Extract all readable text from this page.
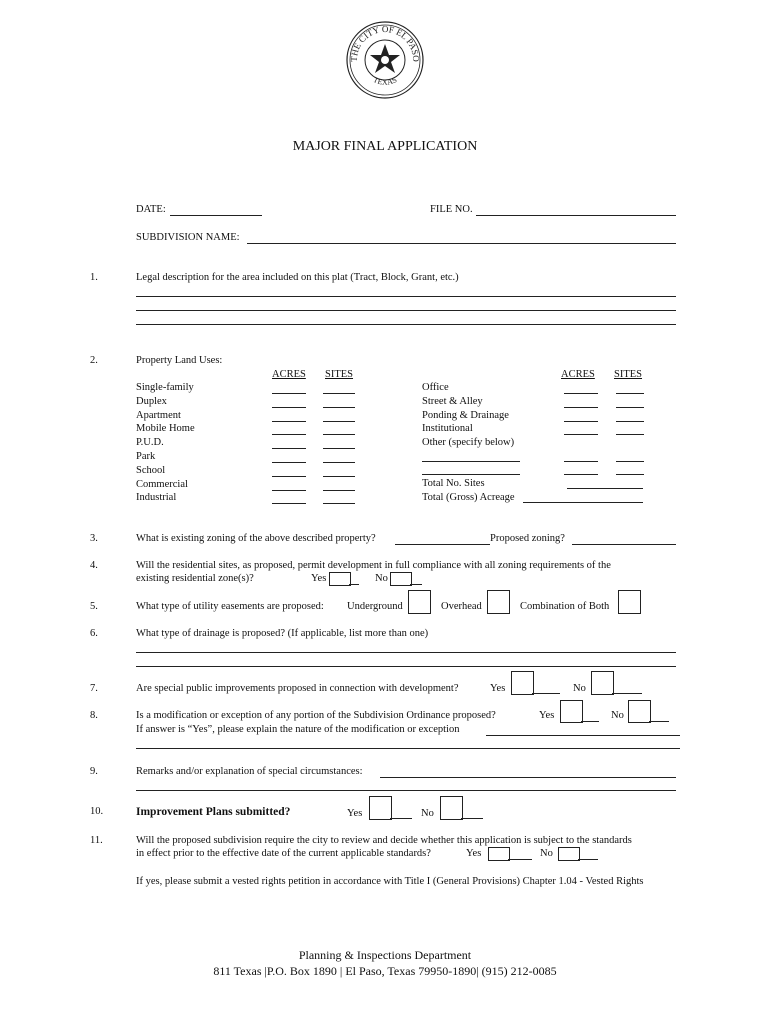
THE CITY OF EL PASO
TEXAS
MAJOR FINAL APPLICATION
DATE:	FILE NO.
SUBDIVISION NAME:
1.	Legal description for the area included on this plat (Tract, Block, Grant, etc.)
2.	Property Land Uses:
ACRES SITES	ACRES SITES
Single-family
Duplex
Apartment
Mobile Home
P.U.D.
Park
School
Commercial
Industrial
Office
Street & Alley
Ponding & Drainage
Institutional
Other (specify below)
Total No. Sites
Total (Gross) Acreage
3.	What is existing zoning of the above described property?	Proposed zoning?
4.	Will the residential sites, as proposed, permit development in full compliance with all zoning requirements of the
existing residential zone(s)?	Yes	No
5.	What type of utility easements are proposed: Underground	Overhead	Combination of Both
6.	What type of drainage is proposed? (If applicable, list more than one)
7.	Are special public improvements proposed in connection with development?	Yes	No
8.	Is a modification or exception of any portion of the Subdivision Ordinance proposed?	Yes	No
If answer is “Yes”, please explain the nature of the modification or exception
9.	Remarks and/or explanation of special circumstances:
10.	Improvement Plans submitted?	Yes	No
11.	Will the proposed subdivision require the city to review and decide whether this application is subject to the standards
in effect prior to the effective date of the current applicable standards?	Yes	No
If yes, please submit a vested rights petition in accordance with Title I (General Provisions) Chapter 1.04 - Vested Rights
Planning & Inspections Department
811 Texas |P.O. Box 1890 | El Paso, Texas 79950-1890| (915) 212-0085
